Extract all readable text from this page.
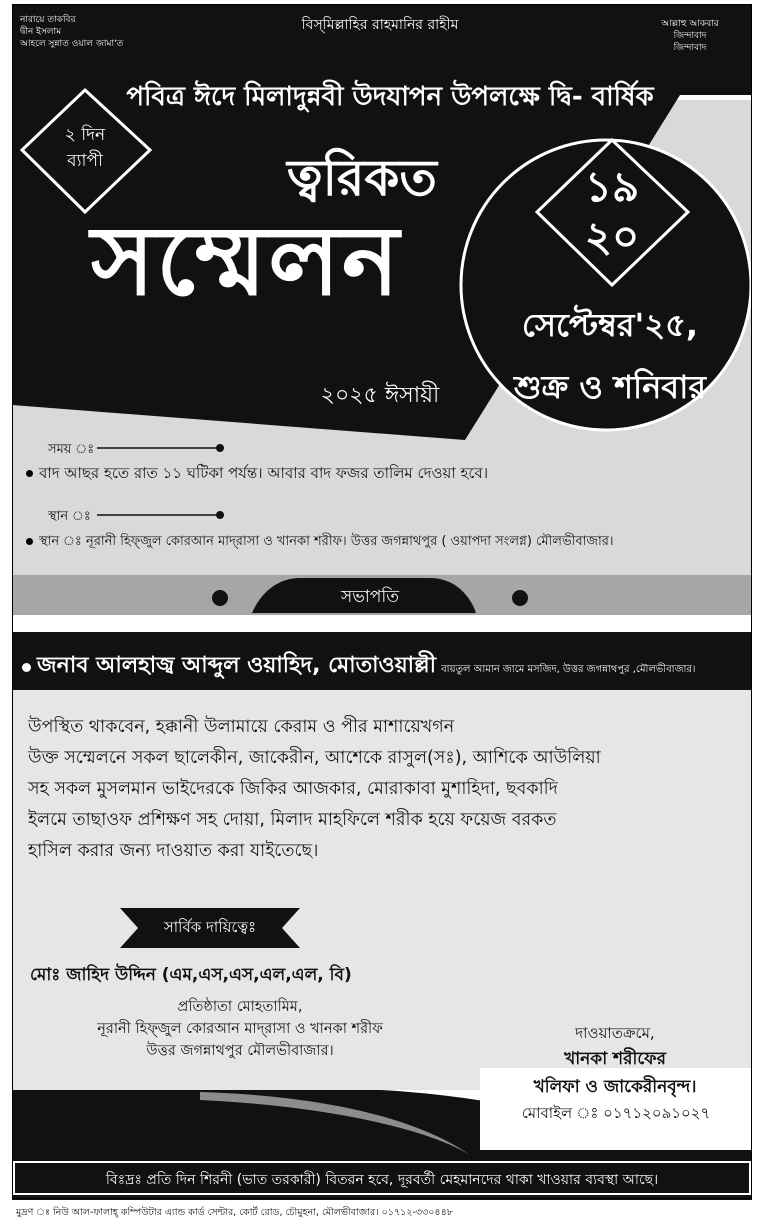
নারায়ে তাকবির
দ্বীন ইসলাম
আহলে সুন্নাত ওয়াল জামা'ত
বিস্‌মিল্লাহির রাহমানির রাহীম	আল্লাহু আকবার
জিন্দাবাদ
জিন্দাবাদ
পবিত্র ঈদে মিলাদুন্নবী উদযাপন উপলক্ষে দ্বি- বার্ষিক
২ দিন
ব্যাপী	ত্বরিকত
সম্মেলন
২০২৫ ঈসায়ী
১৯
২০
সেপ্টেম্বর'২৫,
শুক্র ও শনিবার
সময় ঃ
বাদ আছর হতে রাত ১১ ঘটিকা পর্যন্ত। আবার বাদ ফজর তালিম দেওয়া হবে।
স্থান ঃ
স্থান ঃ নূরানী হিফ্‌জুল কোরআন মাদ্‌রাসা ও খানকা শরীফ। উত্তর জগন্নাথপুর ( ওয়াপদা সংলগ্ন) মৌলভীবাজার।
সভাপতি
জনাব আলহাজ্ব আব্দুল ওয়াহিদ, মোতাওয়াল্লী বায়তুল আমান জামে মসজিদ, উত্তর জগন্নাথপুর ,মৌলভীবাজার।
উপস্থিত থাকবেন, হক্কানী উলামায়ে কেরাম ও পীর মাশায়েখগন
উক্ত সম্মেলনে সকল ছালেকীন, জাকেরীন, আশেকে রাসুল(সঃ), আশিকে আউলিয়া
সহ সকল মুসলমান ভাইদেরকে জিকির আজকার, মোরাকাবা মুশাহিদা, ছবকাদি
ইলমে তাছাওফ প্রশিক্ষণ সহ দোয়া, মিলাদ মাহফিলে শরীক হয়ে ফয়েজ বরকত
হাসিল করার জন্য দাওয়াত করা যাইতেছে।
সার্বিক দায়িত্বেঃ
মোঃ জাহিদ উদ্দিন (এম,এস,এস,এল,এল, বি)
প্রতিষ্ঠাতা মোহতামিম,
নূরানী হিফ্‌জুল কোরআন মাদ্‌রাসা ও খানকা শরীফ
উত্তর জগন্নাথপুর মৌলভীবাজার।
দাওয়াতক্রমে,
খানকা শরীফের
খলিফা ও জাকেরীনবৃন্দ।
মোবাইল ঃ ০১৭১২০৯১০২৭
বিঃদ্রঃ প্রতি দিন শিরনী (ভাত তরকারী) বিতরন হবে, দূরবর্তী মেহমানদের থাকা খাওয়ার ব্যবস্থা আছে।
মুদ্রণ ঃ নিউ আল-ফালাহ্‌ কম্পিউটার এ্যান্ড কার্ড সেন্টার, কোর্ট রোড, চৌমুহনা, মৌলভীবাজার। ০১৭১২-৩৩০৪৪৮
